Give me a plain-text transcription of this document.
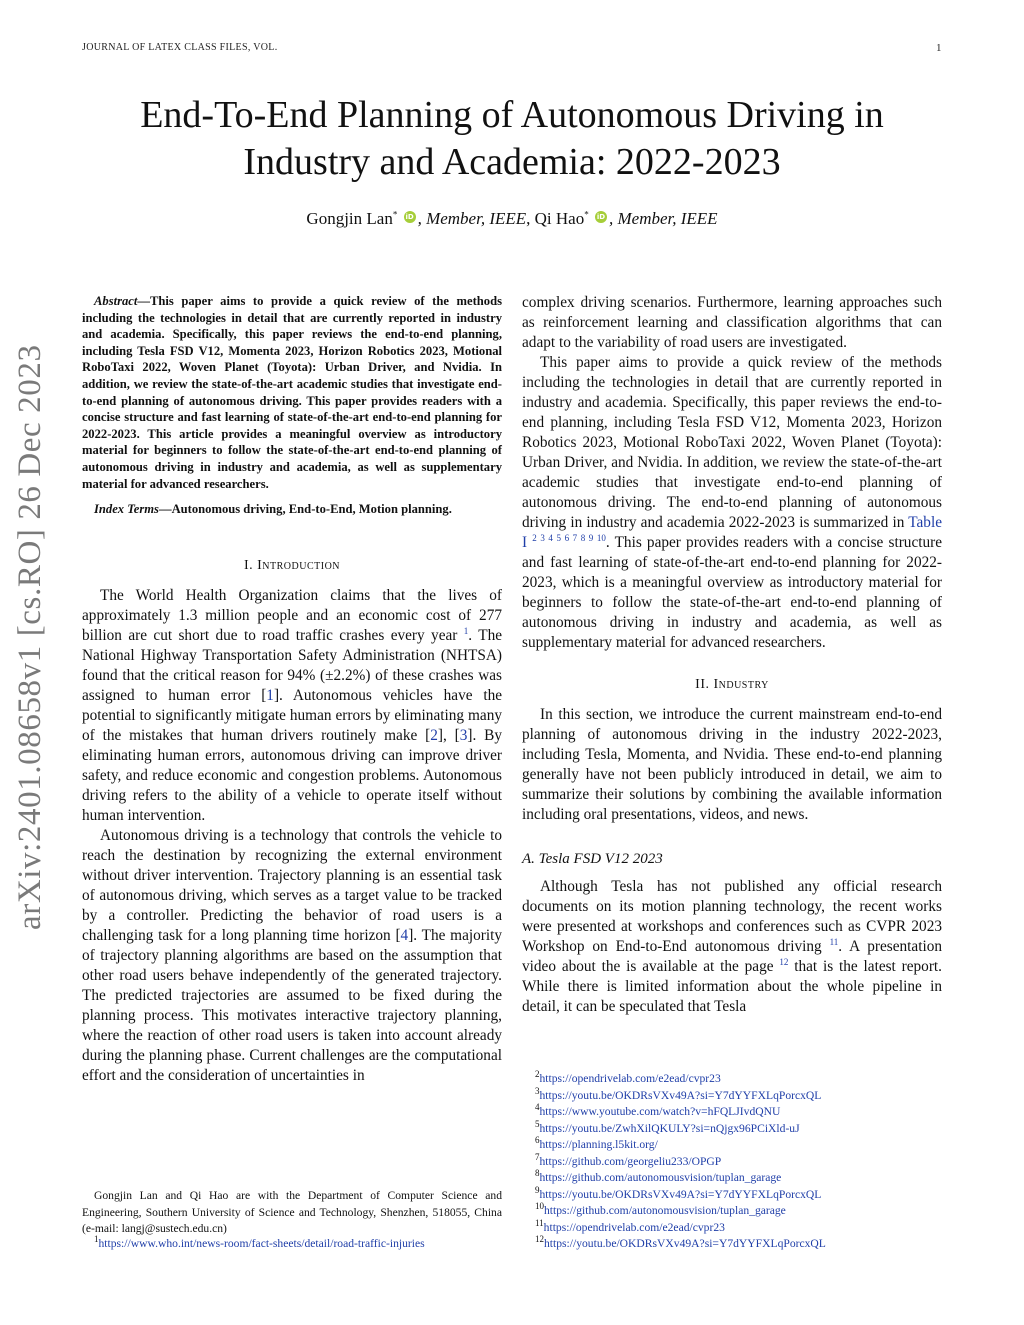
JOURNAL OF LATEX CLASS FILES, VOL.	1
arXiv:2401.08658v1 [cs.RO] 26 Dec 2023
End-To-End Planning of Autonomous Driving in
Industry and Academia: 2022-2023
Gongjin Lan* iD , Member, IEEE, Qi Hao* iD , Member, IEEE

Abstract—This paper aims to provide a quick review of the methods including the technologies in detail that are currently reported in industry and academia. Specifically, this paper reviews the end-to-end planning, including Tesla FSD V12, Momenta 2023, Horizon Robotics 2023, Motional RoboTaxi 2022, Woven Planet (Toyota): Urban Driver, and Nvidia. In addition, we review the state-of-the-art academic studies that investigate end-to-end planning of autonomous driving. This paper provides readers with a concise structure and fast learning of state-of-the-art end-to-end planning for 2022-2023. This article provides a meaningful overview as introductory material for beginners to follow the state-of-the-art end-to-end planning of autonomous driving in industry and academia, as well as supplementary material for advanced researchers.

Index Terms—Autonomous driving, End-to-End, Motion planning.

I. Introduction

The World Health Organization claims that the lives of approximately 1.3 million people and an economic cost of 277 billion are cut short due to road traffic crashes every year $^1$. The National Highway Transportation Safety Administration (NHTSA) found that the critical reason for 94% (±2.2%) of these crashes was assigned to human error [1]. Autonomous vehicles have the potential to significantly mitigate human errors by eliminating many of the mistakes that human drivers routinely make [2], [3]. By eliminating human errors, autonomous driving can improve driver safety, and reduce economic and congestion problems. Autonomous driving refers to the ability of a vehicle to operate itself without human intervention.

Autonomous driving is a technology that controls the vehicle to reach the destination by recognizing the external environment without driver intervention. Trajectory planning is an essential task of autonomous driving, which serves as a target value to be tracked by a controller. Predicting the behavior of road users is a challenging task for a long planning time horizon [4]. The majority of trajectory planning algorithms are based on the assumption that other road users behave independently of the generated trajectory. The predicted trajectories are assumed to be fixed during the planning process. This motivates interactive trajectory planning, where the reaction of other road users is taken into account already during the planning phase. Current challenges are the computational effort and the consideration of uncertainties in

Gongjin Lan and Qi Hao are with the Department of Computer Science and Engineering, Southern University of Science and Technology, Shenzhen, 518055, China (e-mail: langj@sustech.edu.cn)
$^1$https://www.who.int/news-room/fact-sheets/detail/road-traffic-injuries

complex driving scenarios. Furthermore, learning approaches such as reinforcement learning and classification algorithms that can adapt to the variability of road users are investigated.

This paper aims to provide a quick review of the methods including the technologies in detail that are currently reported in industry and academia. Specifically, this paper reviews the end-to-end planning, including Tesla FSD V12, Momenta 2023, Horizon Robotics 2023, Motional RoboTaxi 2022, Woven Planet (Toyota): Urban Driver, and Nvidia. In addition, we review the state-of-the-art academic studies that investigate end-to-end planning of autonomous driving. The end-to-end planning of autonomous driving in industry and academia 2022-2023 is summarized in Table I $^{2 3 4 5 6 7 8 9 10}$. This paper provides readers with a concise structure and fast learning of state-of-the-art end-to-end planning for 2022-2023, which is a meaningful overview as introductory material for beginners to follow the state-of-the-art end-to-end planning of autonomous driving in industry and academia, as well as supplementary material for advanced researchers.

II. Industry

In this section, we introduce the current mainstream end-to-end planning of autonomous driving in the industry 2022-2023, including Tesla, Momenta, and Nvidia. These end-to-end planning generally have not been publicly introduced in detail, we aim to summarize their solutions by combining the available information including oral presentations, videos, and news.

A. Tesla FSD V12 2023

Although Tesla has not published any official research documents on its motion planning technology, the recent works were presented at workshops and conferences such as CVPR 2023 Workshop on End-to-End autonomous driving $^{11}$. A presentation video about the is available at the page $^{12}$ that is the latest report. While there is limited information about the whole pipeline in detail, it can be speculated that Tesla

$^2$https://opendrivelab.com/e2ead/cvpr23
$^3$https://youtu.be/OKDRsVXv49A?si=Y7dYYFXLqPorcxQL
$^4$https://www.youtube.com/watch?v=hFQLJIvdQNU
$^5$https://youtu.be/ZwhXilQKULY?si=nQjgx96PCiXld-uJ
$^6$https://planning.l5kit.org/
$^7$https://github.com/georgeliu233/OPGP
$^8$https://github.com/autonomousvision/tuplan_garage
$^9$https://youtu.be/OKDRsVXv49A?si=Y7dYYFXLqPorcxQL
$^{10}$https://github.com/autonomousvision/tuplan_garage
$^{11}$https://opendrivelab.com/e2ead/cvpr23
$^{12}$https://youtu.be/OKDRsVXv49A?si=Y7dYYFXLqPorcxQL
